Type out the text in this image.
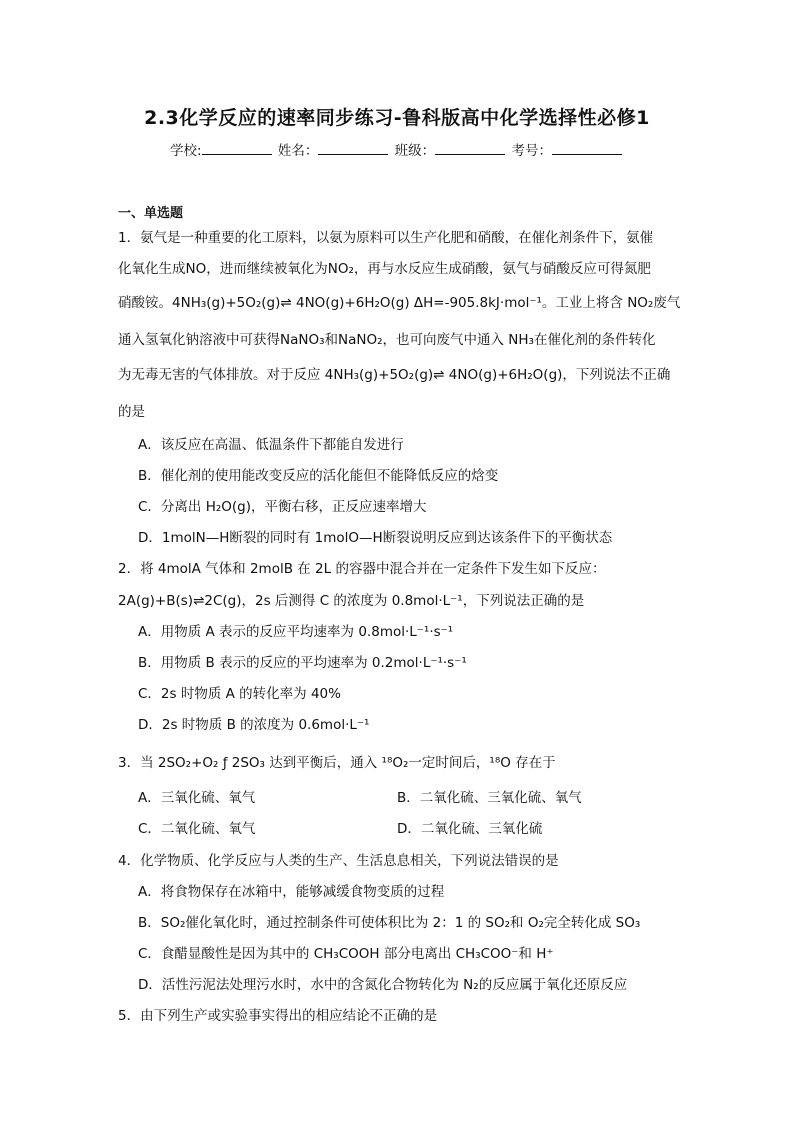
2.3化学反应的速率同步练习-鲁科版高中化学选择性必修1
学校:	姓名：	班级：	考号：
一、单选题
1．氨气是一种重要的化工原料，以氨为原料可以生产化肥和硝酸，在催化剂条件下，氨催
化氧化生成NO，进而继续被氧化为NO₂，再与水反应生成硝酸，氨气与硝酸反应可得氮肥
硝酸铵。4NH₃(g)+5O₂(g)⇌ 4NO(g)+6H₂O(g) ΔH=-905.8kJ·mol⁻¹。工业上将含 NO₂废气
通入氢氧化钠溶液中可获得NaNO₃和NaNO₂，也可向废气中通入 NH₃在催化剂的条件转化
为无毒无害的气体排放。对于反应 4NH₃(g)+5O₂(g)⇌ 4NO(g)+6H₂O(g)，下列说法不正确
的是
A．该反应在高温、低温条件下都能自发进行
B．催化剂的使用能改变反应的活化能但不能降低反应的焓变
C．分离出 H₂O(g)，平衡右移，正反应速率增大
D．1molN—H断裂的同时有 1molO—H断裂说明反应到达该条件下的平衡状态
2．将 4molA 气体和 2molB 在 2L 的容器中混合并在一定条件下发生如下反应：
2A(g)+B(s)⇌2C(g)，2s 后测得 C 的浓度为 0.8mol·L⁻¹，下列说法正确的是
A．用物质 A 表示的反应平均速率为 0.8mol·L⁻¹·s⁻¹
B．用物质 B 表示的反应的平均速率为 0.2mol·L⁻¹·s⁻¹
C．2s 时物质 A 的转化率为 40%
D．2s 时物质 B 的浓度为 0.6mol·L⁻¹
3．当 2SO₂+O₂ ƒ 2SO₃ 达到平衡后，通入 ¹⁸O₂一定时间后，¹⁸O 存在于
A．三氧化硫、氧气	B．二氧化硫、三氧化硫、氧气
C．二氧化硫、氧气	D．二氧化硫、三氧化硫
4．化学物质、化学反应与人类的生产、生活息息相关，下列说法错误的是
A．将食物保存在冰箱中，能够减缓食物变质的过程
B．SO₂催化氧化时，通过控制条件可使体积比为 2：1 的 SO₂和 O₂完全转化成 SO₃
C．食醋显酸性是因为其中的 CH₃COOH 部分电离出 CH₃COO⁻和 H⁺
D．活性污泥法处理污水时，水中的含氮化合物转化为 N₂的反应属于氧化还原反应
5．由下列生产或实验事实得出的相应结论不正确的是
